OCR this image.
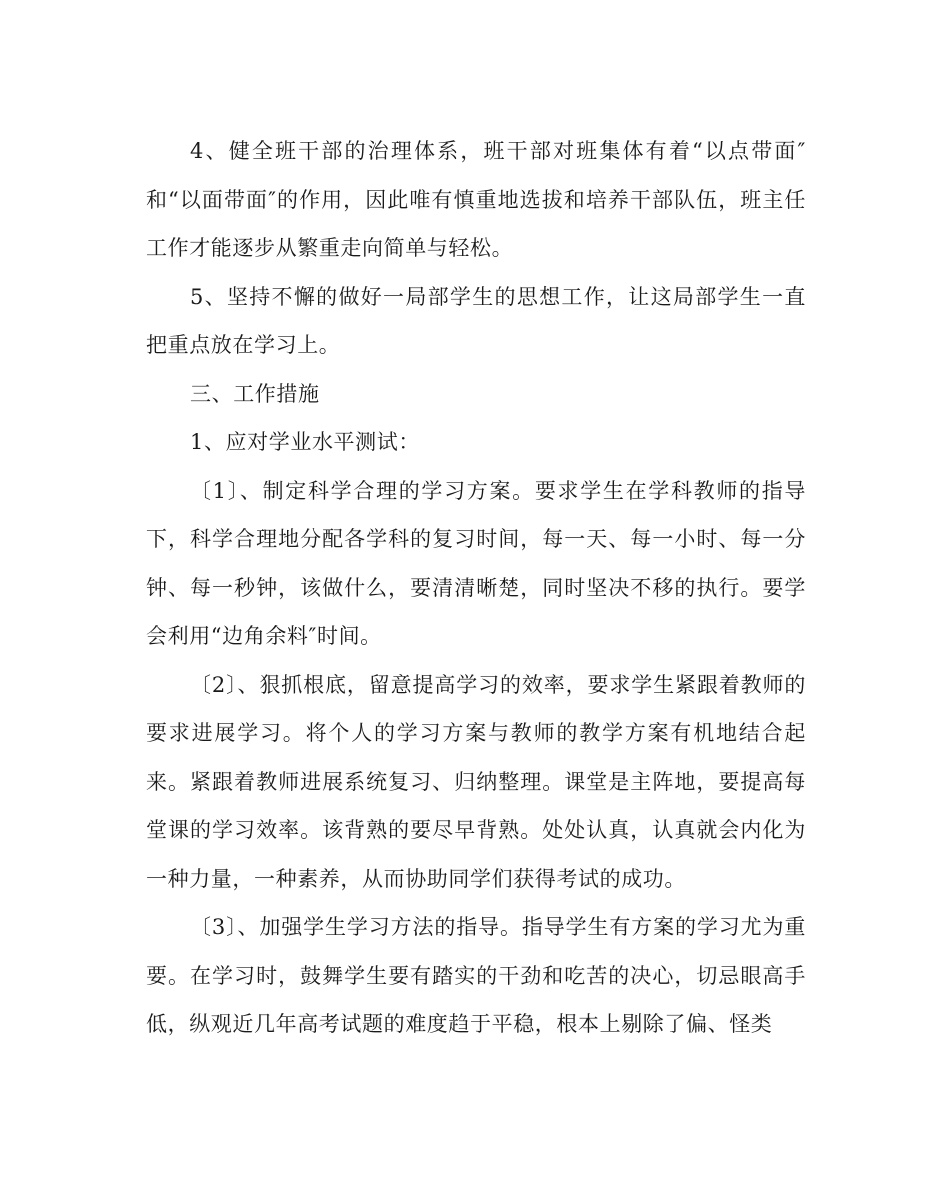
4、健全班干部的治理体系，班干部对班集体有着“以点带面″和“以面带面″的作用，因此唯有慎重地选拔和培养干部队伍，班主任工作才能逐步从繁重走向简单与轻松。

5、坚持不懈的做好一局部学生的思想工作，让这局部学生一直把重点放在学习上。

三、工作措施

1、应对学业水平测试：

〔1〕、制定科学合理的学习方案。要求学生在学科教师的指导下，科学合理地分配各学科的复习时间，每一天、每一小时、每一分钟、每一秒钟，该做什么，要清清晰楚，同时坚决不移的执行。要学会利用“边角余料″时间。

〔2〕、狠抓根底，留意提高学习的效率，要求学生紧跟着教师的要求进展学习。将个人的学习方案与教师的教学方案有机地结合起来。紧跟着教师进展系统复习、归纳整理。课堂是主阵地，要提高每堂课的学习效率。该背熟的要尽早背熟。处处认真，认真就会内化为一种力量，一种素养，从而协助同学们获得考试的成功。

〔3〕、加强学生学习方法的指导。指导学生有方案的学习尤为重要。在学习时，鼓舞学生要有踏实的干劲和吃苦的决心，切忌眼高手低，纵观近几年高考试题的难度趋于平稳，根本上剔除了偏、怪类
